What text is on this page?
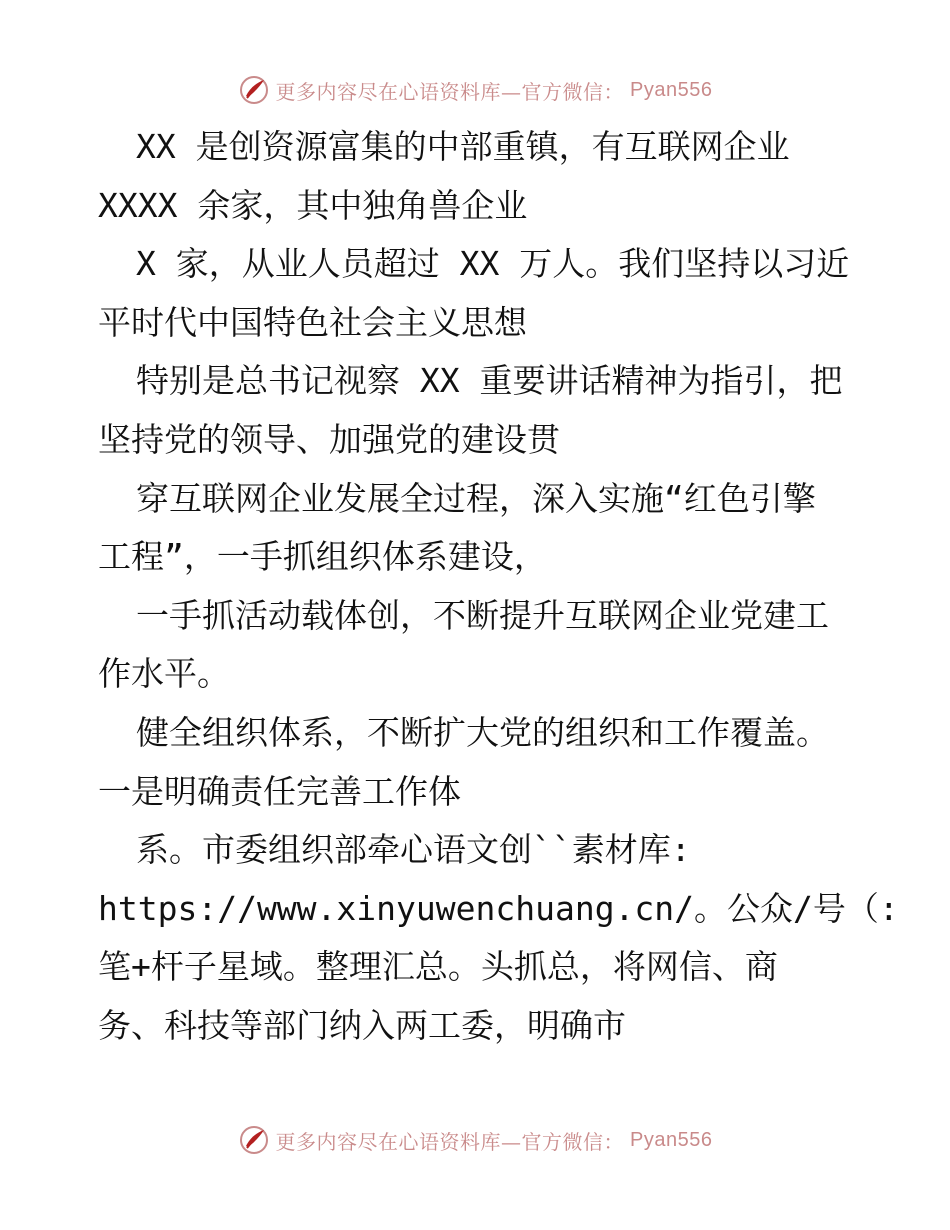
更多内容尽在心语资料库—官方微信： Pyan556
XX 是创资源富集的中部重镇，有互联网企业
XXXX 余家，其中独角兽企业
X 家，从业人员超过 XX 万人。我们坚持以习近
平时代中国特色社会主义思想
特别是总书记视察 XX 重要讲话精神为指引，把
坚持党的领导、加强党的建设贯
穿互联网企业发展全过程，深入实施“红色引擎
工程”，一手抓组织体系建设，
一手抓活动载体创，不断提升互联网企业党建工
作水平。
健全组织体系，不断扩大党的组织和工作覆盖。
一是明确责任完善工作体
系。市委组织部牵心语文创``素材库:
https://www.xinyuwenchuang.cn/。公众/号（:
笔+杆子星域。整理汇总。头抓总，将网信、商
务、科技等部门纳入两工委，明确市
更多内容尽在心语资料库—官方微信： Pyan556
